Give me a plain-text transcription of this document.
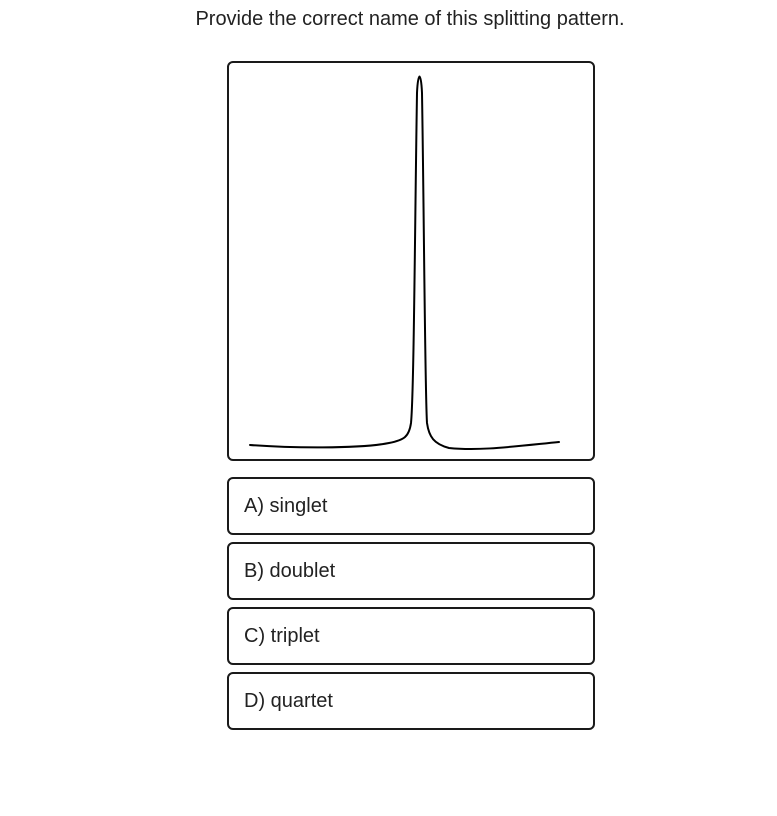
Provide the correct name of this splitting pattern.
A) singlet
B) doublet
C) triplet
D) quartet
